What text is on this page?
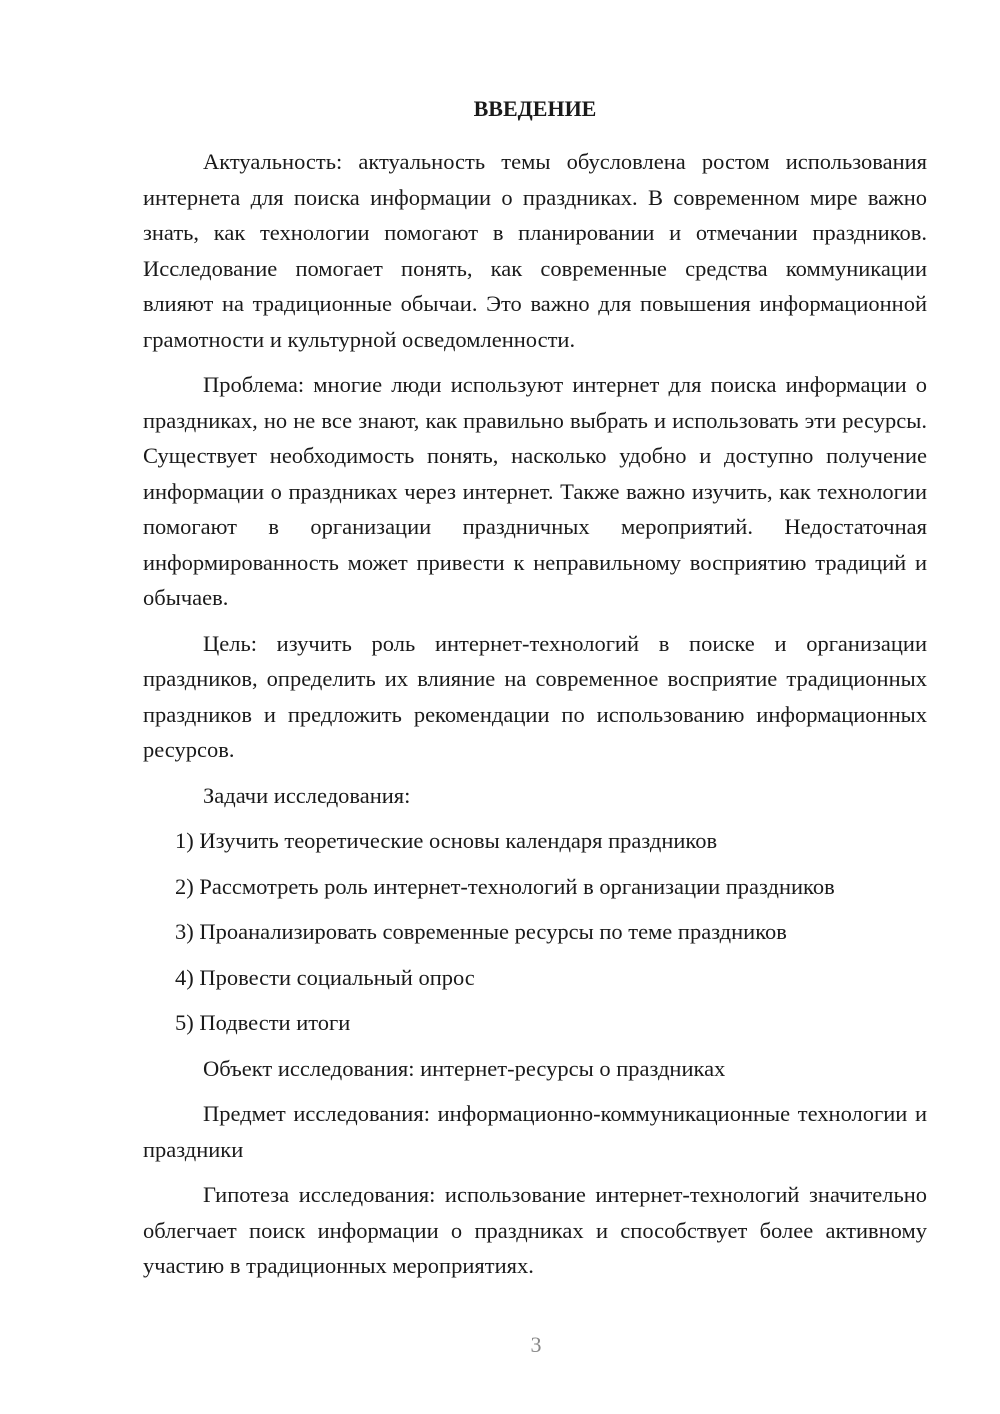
ВВЕДЕНИЕ

Актуальность: актуальность темы обусловлена ростом использования интернета для поиска информации о праздниках. В современном мире важно знать, как технологии помогают в планировании и отмечании праздников. Исследование помогает понять, как современные средства коммуникации влияют на традиционные обычаи. Это важно для повышения информационной грамотности и культурной осведомленности.

Проблема: многие люди используют интернет для поиска информации о праздниках, но не все знают, как правильно выбрать и использовать эти ресурсы. Существует необходимость понять, насколько удобно и доступно получение информации о праздниках через интернет. Также важно изучить, как технологии помогают в организации праздничных мероприятий. Недостаточная информированность может привести к неправильному восприятию традиций и обычаев.

Цель: изучить роль интернет-технологий в поиске и организации праздников, определить их влияние на современное восприятие традиционных праздников и предложить рекомендации по использованию информационных ресурсов.

Задачи исследования:
1) Изучить теоретические основы календаря праздников
2) Рассмотреть роль интернет-технологий в организации праздников
3) Проанализировать современные ресурсы по теме праздников
4) Провести социальный опрос
5) Подвести итоги

Объект исследования: интернет-ресурсы о праздниках

Предмет исследования: информационно-коммуникационные технологии и праздники

Гипотеза исследования: использование интернет-технологий значительно облегчает поиск информации о праздниках и способствует более активному участию в традиционных мероприятиях.

3
